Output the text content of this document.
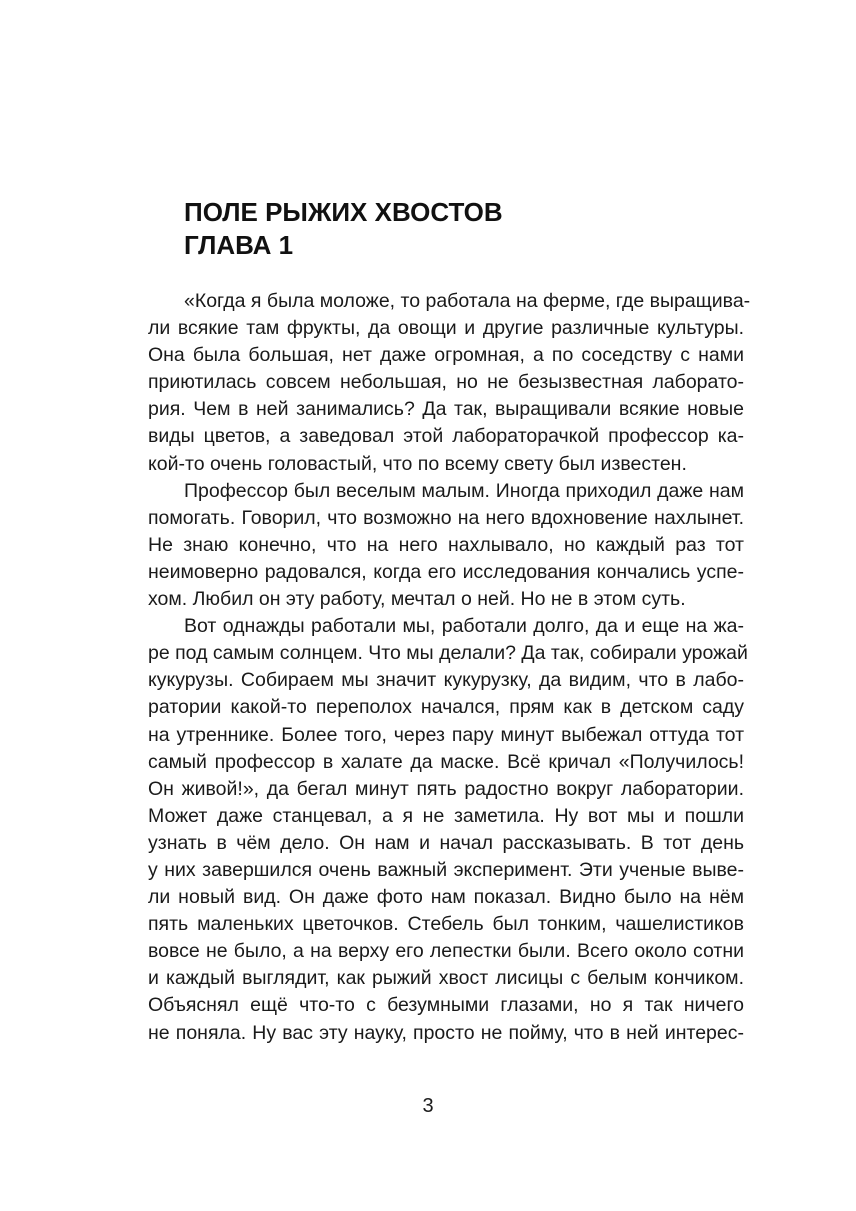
ПОЛЕ РЫЖИХ ХВОСТОВ
ГЛАВА 1
«Когда я была моложе, то работала на ферме, где выращива-
ли всякие там фрукты, да овощи и другие различные культуры.
Она была большая, нет даже огромная, а по соседству с нами
приютилась совсем небольшая, но не безызвестная лаборато-
рия. Чем в ней занимались? Да так, выращивали всякие новые
виды цветов, а заведовал этой лабораторачкой профессор ка-
кой-то очень головастый, что по всему свету был известен.
Профессор был веселым малым. Иногда приходил даже нам
помогать. Говорил, что возможно на него вдохновение нахлынет.
Не знаю конечно, что на него нахлывало, но каждый раз тот
неимоверно радовался, когда его исследования кончались успе-
хом. Любил он эту работу, мечтал о ней. Но не в этом суть.
Вот однажды работали мы, работали долго, да и еще на жа-
ре под самым солнцем. Что мы делали? Да так, собирали урожай
кукурузы. Собираем мы значит кукурузку, да видим, что в лабо-
ратории какой-то переполох начался, прям как в детском саду
на утреннике. Более того, через пару минут выбежал оттуда тот
самый профессор в халате да маске. Всё кричал «Получилось!
Он живой!», да бегал минут пять радостно вокруг лаборатории.
Может даже станцевал, а я не заметила. Ну вот мы и пошли
узнать в чём дело. Он нам и начал рассказывать. В тот день
у них завершился очень важный эксперимент. Эти ученые выве-
ли новый вид. Он даже фото нам показал. Видно было на нём
пять маленьких цветочков. Стебель был тонким, чашелистиков
вовсе не было, а на верху его лепестки были. Всего около сотни
и каждый выглядит, как рыжий хвост лисицы с белым кончиком.
Объяснял ещё что-то с безумными глазами, но я так ничего
не поняла. Ну вас эту науку, просто не пойму, что в ней интерес-
3
